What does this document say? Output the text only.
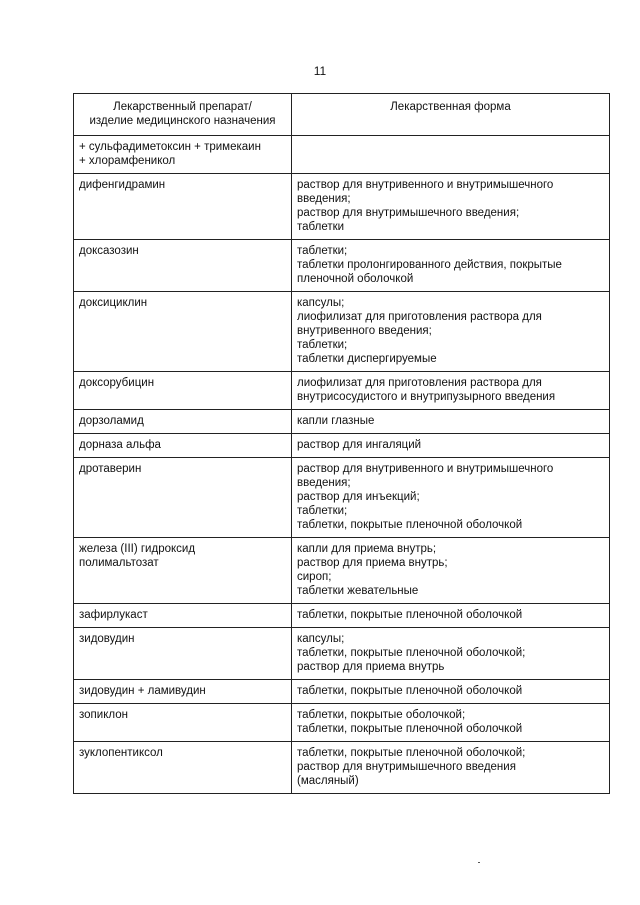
11
Лекарственный препарат/
изделие медицинского назначения	Лекарственная форма
+ сульфадиметоксин + тримекаин
+ хлорамфеникол	
дифенгидрамин	раствор для внутривенного и внутримышечного введения;
раствор для внутримышечного введения;
таблетки

доксазозин	таблетки;
таблетки пролонгированного действия, покрытые пленочной оболочкой

доксициклин	капсулы;
лиофилизат для приготовления раствора для внутривенного введения;
таблетки;
таблетки диспергируемые

доксорубицин	лиофилизат для приготовления раствора для внутрисосудистого и внутрипузырного введения

дорзоламид	капли глазные

дорназа альфа	раствор для ингаляций

дротаверин	раствор для внутривенного и внутримышечного введения;
раствор для инъекций;
таблетки;
таблетки, покрытые пленочной оболочкой

железа (III) гидроксид
полимальтозат	капли для приема внутрь;
раствор для приема внутрь;
сироп;
таблетки жевательные

зафирлукаст	таблетки, покрытые пленочной оболочкой

зидовудин	капсулы;
таблетки, покрытые пленочной оболочкой;
раствор для приема внутрь

зидовудин + ламивудин	таблетки, покрытые пленочной оболочкой

зопиклон	таблетки, покрытые оболочкой;
таблетки, покрытые пленочной оболочкой

зуклопентиксол	таблетки, покрытые пленочной оболочкой;
раствор для внутримышечного введения
(масляный)
